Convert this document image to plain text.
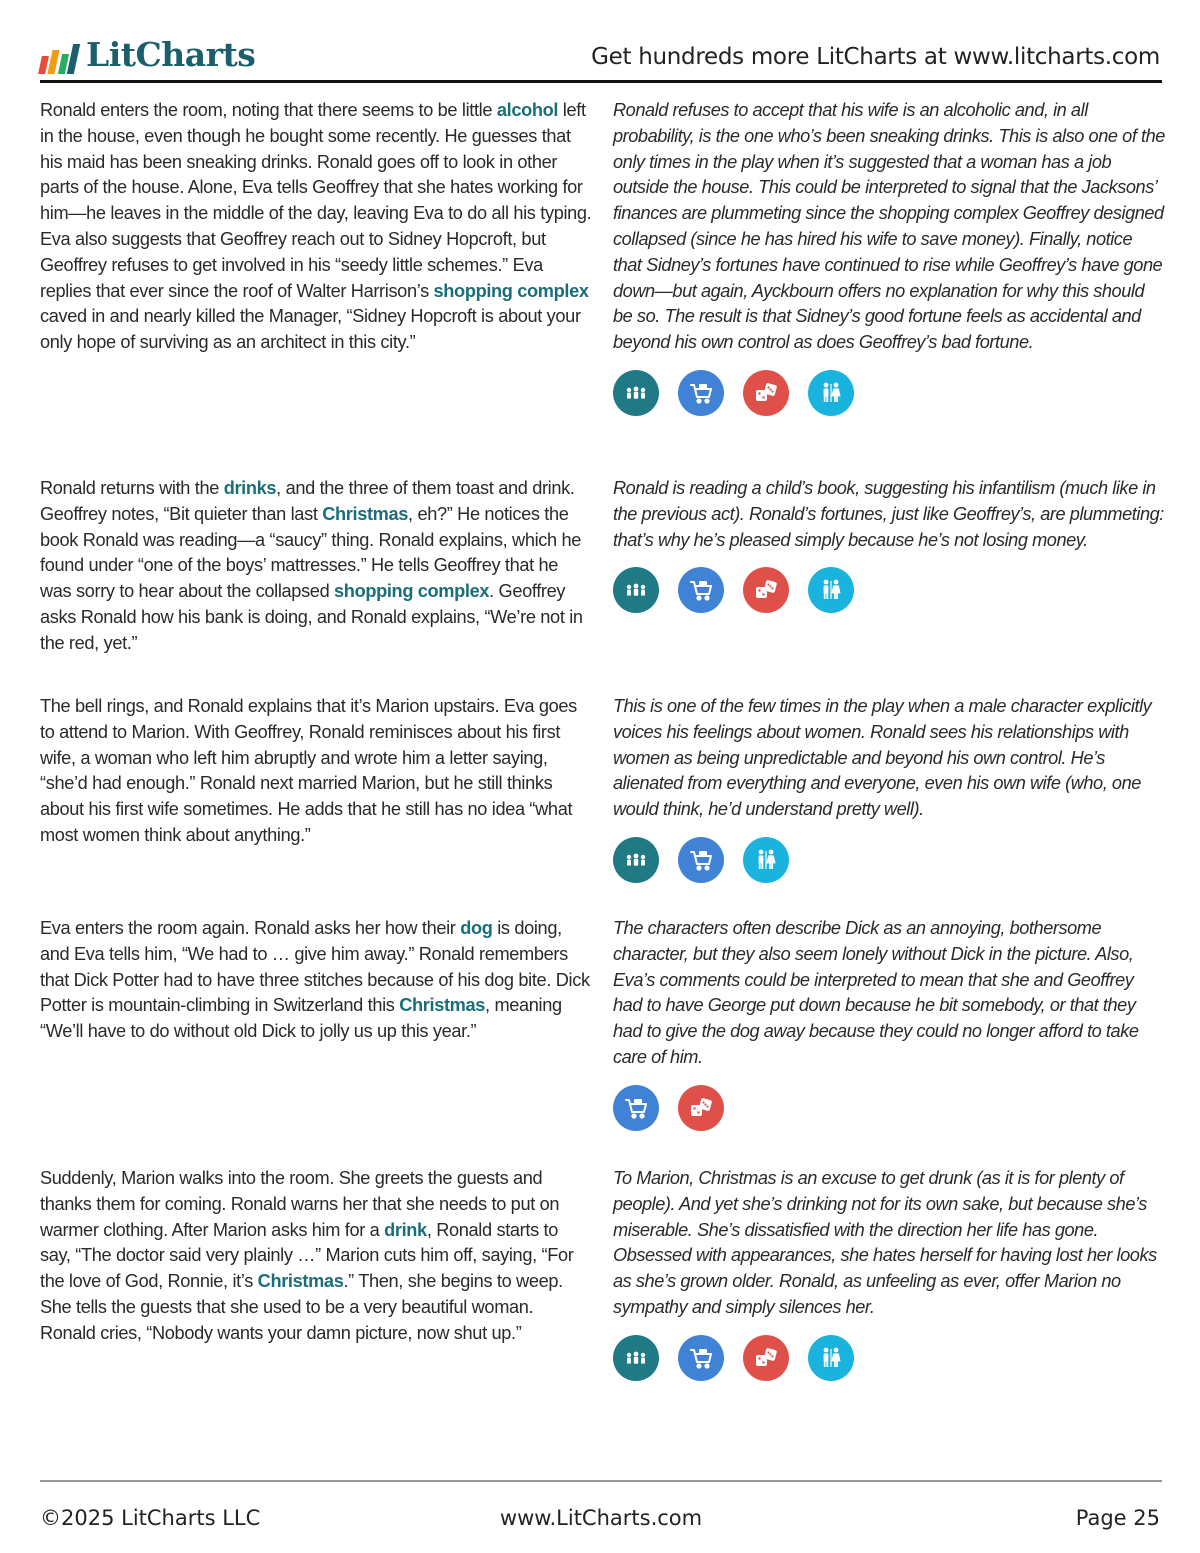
LitCharts	Get hundreds more LitCharts at www.litcharts.com
Ronald enters the room, noting that there seems to be little alcohol left in the house, even though he bought some recently. He guesses that his maid has been sneaking drinks. Ronald goes off to look in other parts of the house. Alone, Eva tells Geoffrey that she hates working for him—he leaves in the middle of the day, leaving Eva to do all his typing. Eva also suggests that Geoffrey reach out to Sidney Hopcroft, but Geoffrey refuses to get involved in his “seedy little schemes.” Eva replies that ever since the roof of Walter Harrison’s shopping complex caved in and nearly killed the Manager, “Sidney Hopcroft is about your only hope of surviving as an architect in this city.”
Ronald refuses to accept that his wife is an alcoholic and, in all probability, is the one who’s been sneaking drinks. This is also one of the only times in the play when it’s suggested that a woman has a job outside the house. This could be interpreted to signal that the Jacksons’ finances are plummeting since the shopping complex Geoffrey designed collapsed (since he has hired his wife to save money). Finally, notice that Sidney’s fortunes have continued to rise while Geoffrey’s have gone down—but again, Ayckbourn offers no explanation for why this should be so. The result is that Sidney’s good fortune feels as accidental and beyond his own control as does Geoffrey’s bad fortune.
Ronald returns with the drinks, and the three of them toast and drink. Geoffrey notes, “Bit quieter than last Christmas, eh?” He notices the book Ronald was reading—a “saucy” thing. Ronald explains, which he found under “one of the boys’ mattresses.” He tells Geoffrey that he was sorry to hear about the collapsed shopping complex. Geoffrey asks Ronald how his bank is doing, and Ronald explains, “We’re not in the red, yet.”
Ronald is reading a child’s book, suggesting his infantilism (much like in the previous act). Ronald’s fortunes, just like Geoffrey’s, are plummeting: that’s why he’s pleased simply because he’s not losing money.
The bell rings, and Ronald explains that it’s Marion upstairs. Eva goes to attend to Marion. With Geoffrey, Ronald reminisces about his first wife, a woman who left him abruptly and wrote him a letter saying, “she’d had enough.” Ronald next married Marion, but he still thinks about his first wife sometimes. He adds that he still has no idea “what most women think about anything.”
This is one of the few times in the play when a male character explicitly voices his feelings about women. Ronald sees his relationships with women as being unpredictable and beyond his own control. He’s alienated from everything and everyone, even his own wife (who, one would think, he’d understand pretty well).
Eva enters the room again. Ronald asks her how their dog is doing, and Eva tells him, “We had to … give him away.” Ronald remembers that Dick Potter had to have three stitches because of his dog bite. Dick Potter is mountain-climbing in Switzerland this Christmas, meaning “We’ll have to do without old Dick to jolly us up this year.”
The characters often describe Dick as an annoying, bothersome character, but they also seem lonely without Dick in the picture. Also, Eva’s comments could be interpreted to mean that she and Geoffrey had to have George put down because he bit somebody, or that they had to give the dog away because they could no longer afford to take care of him.
Suddenly, Marion walks into the room. She greets the guests and thanks them for coming. Ronald warns her that she needs to put on warmer clothing. After Marion asks him for a drink, Ronald starts to say, “The doctor said very plainly …” Marion cuts him off, saying, “For the love of God, Ronnie, it’s Christmas.” Then, she begins to weep. She tells the guests that she used to be a very beautiful woman. Ronald cries, “Nobody wants your damn picture, now shut up.”
To Marion, Christmas is an excuse to get drunk (as it is for plenty of people). And yet she’s drinking not for its own sake, but because she’s miserable. She’s dissatisfied with the direction her life has gone. Obsessed with appearances, she hates herself for having lost her looks as she’s grown older. Ronald, as unfeeling as ever, offer Marion no sympathy and simply silences her.
©2025 LitCharts LLC	www.LitCharts.com	Page 25
